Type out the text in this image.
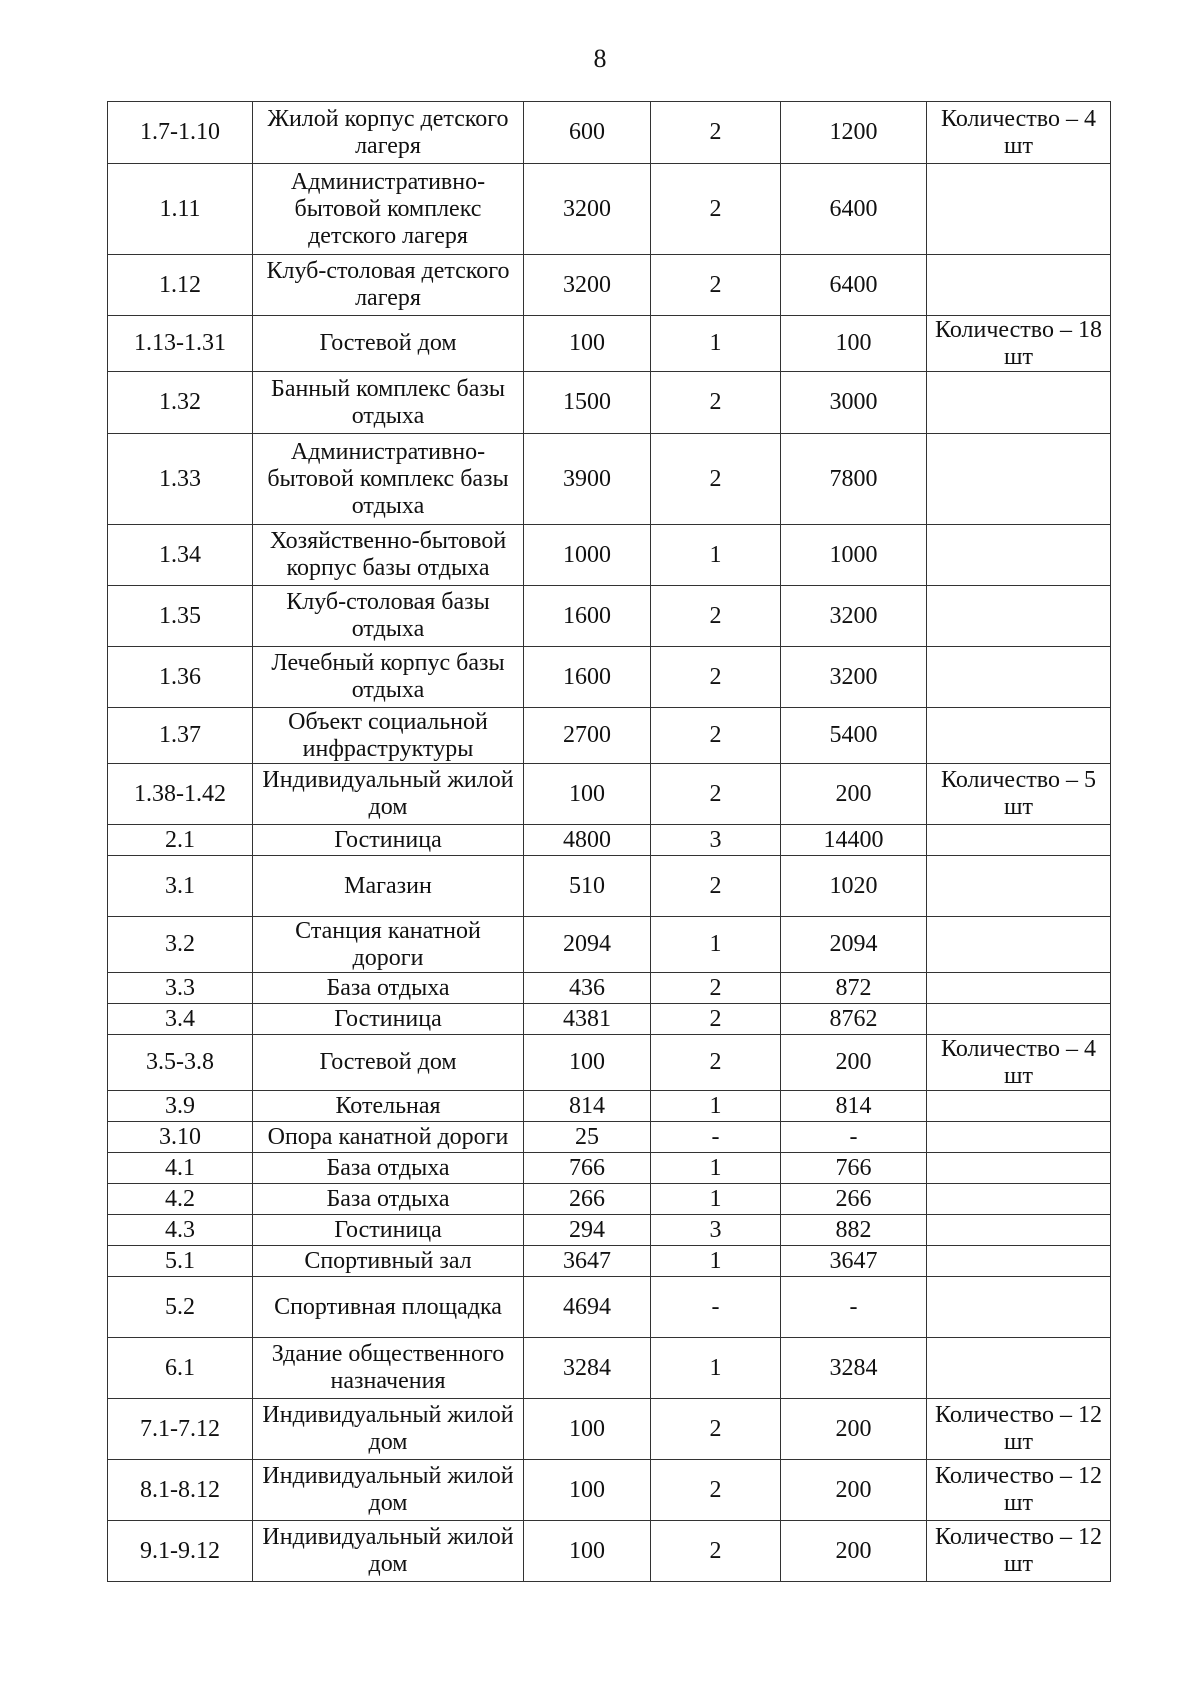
8
1.7-1.10	Жилой корпус детского лагеря	600	2	1200	Количество – 4 шт
1.11	Административно-бытовой комплекс детского лагеря	3200	2	6400	
1.12	Клуб-столовая детского лагеря	3200	2	6400	
1.13-1.31	Гостевой дом	100	1	100	Количество – 18 шт
1.32	Банный комплекс базы отдыха	1500	2	3000	
1.33	Административно-бытовой комплекс базы отдыха	3900	2	7800	
1.34	Хозяйственно-бытовой корпус базы отдыха	1000	1	1000	
1.35	Клуб-столовая базы отдыха	1600	2	3200	
1.36	Лечебный корпус базы отдыха	1600	2	3200	
1.37	Объект социальной инфраструктуры	2700	2	5400	
1.38-1.42	Индивидуальный жилой дом	100	2	200	Количество – 5 шт
2.1	Гостиница	4800	3	14400	
3.1	Магазин	510	2	1020	
3.2	Станция канатной дороги	2094	1	2094	
3.3	База отдыха	436	2	872	
3.4	Гостиница	4381	2	8762	
3.5-3.8	Гостевой дом	100	2	200	Количество – 4 шт
3.9	Котельная	814	1	814	
3.10	Опора канатной дороги	25	-	-	
4.1	База отдыха	766	1	766	
4.2	База отдыха	266	1	266	
4.3	Гостиница	294	3	882	
5.1	Спортивный зал	3647	1	3647	
5.2	Спортивная площадка	4694	-	-	
6.1	Здание общественного назначения	3284	1	3284	
7.1-7.12	Индивидуальный жилой дом	100	2	200	Количество – 12 шт
8.1-8.12	Индивидуальный жилой дом	100	2	200	Количество – 12 шт
9.1-9.12	Индивидуальный жилой дом	100	2	200	Количество – 12 шт
